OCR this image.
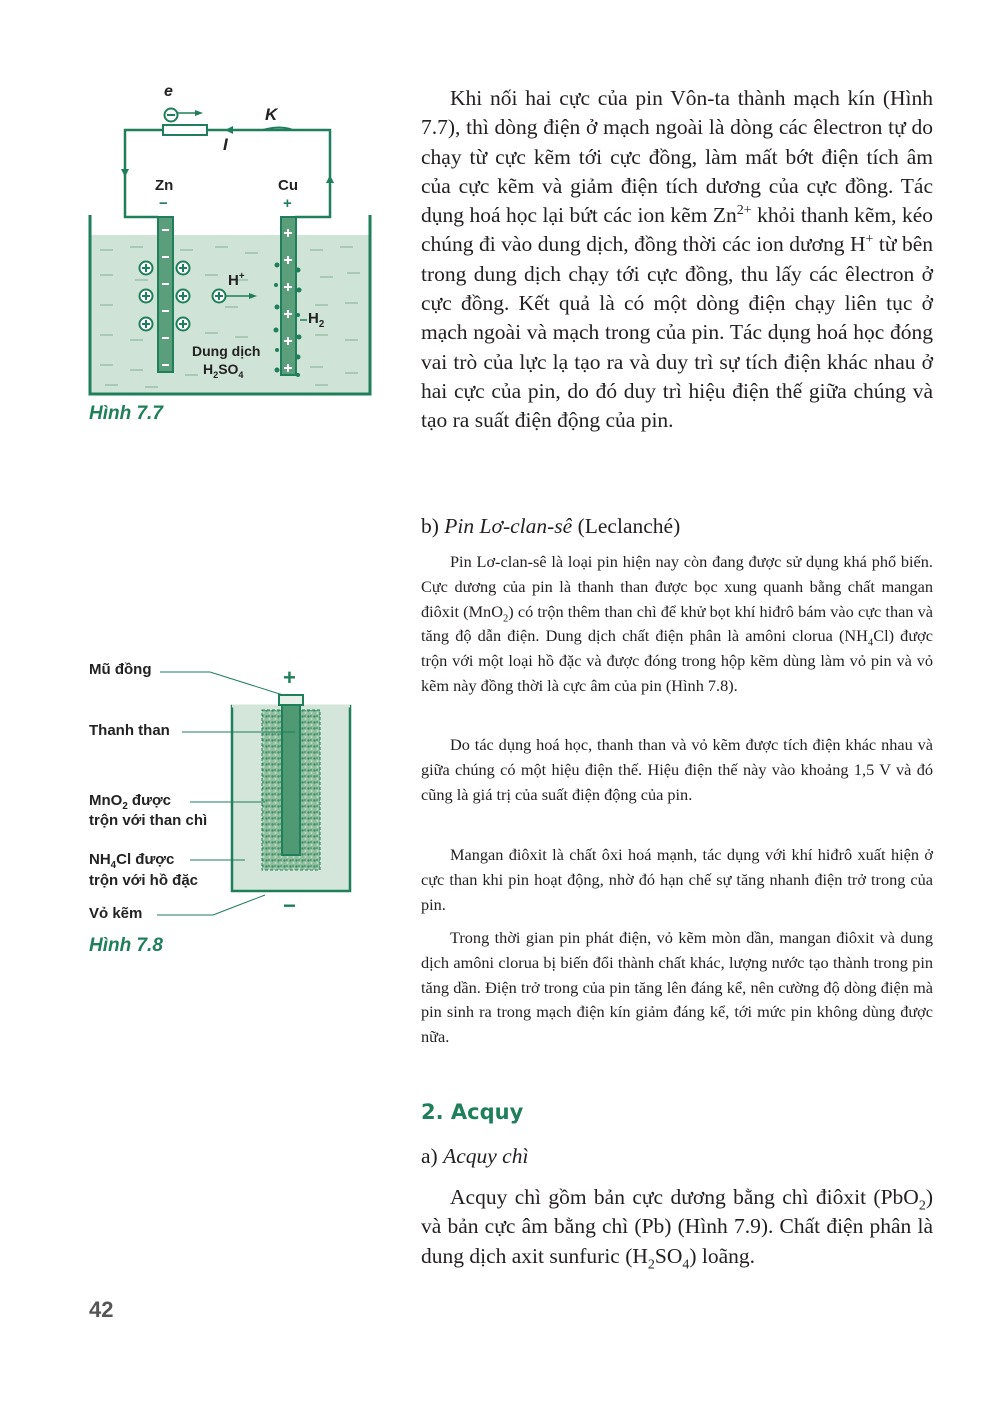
e
K
I
Zn	Cu
−	+
H+
$H_2$
Dung dịch
$H_2SO_4$
Hình 7.7
Mũ đồng	+
Thanh than
MnO$_2$ được
trộn với than chì
$NH_4Cl$ được
trộn với hồ đặc
−
Vỏ kẽm
Hình 7.8

Khi nối hai cực của pin Vôn-ta thành mạch kín (Hình 7.7), thì dòng điện ở mạch ngoài là dòng các êlectron tự do chạy từ cực kẽm tới cực đồng, làm mất bớt điện tích âm của cực kẽm và giảm điện tích dương của cực đồng. Tác dụng hoá học lại bứt các ion kẽm $Zn^{2+}$ khỏi thanh kẽm, kéo chúng đi vào dung dịch, đồng thời các ion dương H+ từ bên trong dung dịch chạy tới cực đồng, thu lấy các êlectron ở cực đồng. Kết quả là có một dòng điện chạy liên tục ở mạch ngoài và mạch trong của pin. Tác dụng hoá học đóng vai trò của lực lạ tạo ra và duy trì sự tích điện khác nhau ở hai cực của pin, do đó duy trì hiệu điện thế giữa chúng và tạo ra suất điện động của pin.

b) Pin Lơ-clan-sê (Leclanché)

Pin Lơ-clan-sê là loại pin hiện nay còn đang được sử dụng khá phổ biến. Cực dương của pin là thanh than được bọc xung quanh bằng chất mangan điôxit (MnO$_2$) có trộn thêm than chì để khử bọt khí hiđrô bám vào cực than và tăng độ dẫn điện. Dung dịch chất điện phân là amôni clorua $(NH_4Cl)$ được trộn với một loại hồ đặc và được đóng trong hộp kẽm dùng làm vỏ pin và vỏ kẽm này đồng thời là cực âm của pin (Hình 7.8).

Do tác dụng hoá học, thanh than và vỏ kẽm được tích điện khác nhau và giữa chúng có một hiệu điện thế. Hiệu điện thế này vào khoảng 1,5 V và đó cũng là giá trị của suất điện động của pin.

Mangan điôxit là chất ôxi hoá mạnh, tác dụng với khí hiđrô xuất hiện ở cực than khi pin hoạt động, nhờ đó hạn chế sự tăng nhanh điện trở trong của pin.

Trong thời gian pin phát điện, vỏ kẽm mòn dần, mangan điôxit và dung dịch amôni clorua bị biến đổi thành chất khác, lượng nước tạo thành trong pin tăng dần. Điện trở trong của pin tăng lên đáng kể, nên cường độ dòng điện mà pin sinh ra trong mạch điện kín giảm đáng kể, tới mức pin không dùng được nữa.

2. Acquy
a) Acquy chì

Acquy chì gồm bản cực dương bằng chì điôxit (PbO$_2$) và bản cực âm bằng chì (Pb) (Hình 7.9). Chất điện phân là dung dịch axit sunfuric $(H_2SO_4)$ loãng.

42
